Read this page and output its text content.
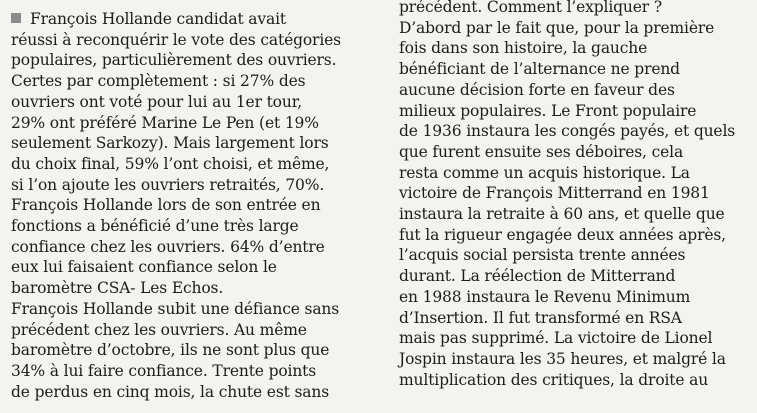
François Hollande candidat avait
réussi à reconquérir le vote des catégories
populaires, particulièrement des ouvriers.
Certes par complètement : si 27% des
ouvriers ont voté pour lui au 1er tour,
29% ont préféré Marine Le Pen (et 19%
seulement Sarkozy). Mais largement lors
du choix final, 59% l’ont choisi, et même,
si l’on ajoute les ouvriers retraités, 70%.
François Hollande lors de son entrée en
fonctions a bénéficié d’une très large
confiance chez les ouvriers. 64% d’entre
eux lui faisaient confiance selon le
baromètre CSA- Les Echos.
François Hollande subit une défiance sans
précédent chez les ouvriers. Au même
baromètre d’octobre, ils ne sont plus que
34% à lui faire confiance. Trente points
de perdus en cinq mois, la chute est sans
précédent. Comment l’expliquer ?
D’abord par le fait que, pour la première
fois dans son histoire, la gauche
bénéficiant de l’alternance ne prend
aucune décision forte en faveur des
milieux populaires. Le Front populaire
de 1936 instaura les congés payés, et quels
que furent ensuite ses déboires, cela
resta comme un acquis historique. La
victoire de François Mitterrand en 1981
instaura la retraite à 60 ans, et quelle que
fut la rigueur engagée deux années après,
l’acquis social persista trente années
durant. La réélection de Mitterrand
en 1988 instaura le Revenu Minimum
d’Insertion. Il fut transformé en RSA
mais pas supprimé. La victoire de Lionel
Jospin instaura les 35 heures, et malgré la
multiplication des critiques, la droite au
